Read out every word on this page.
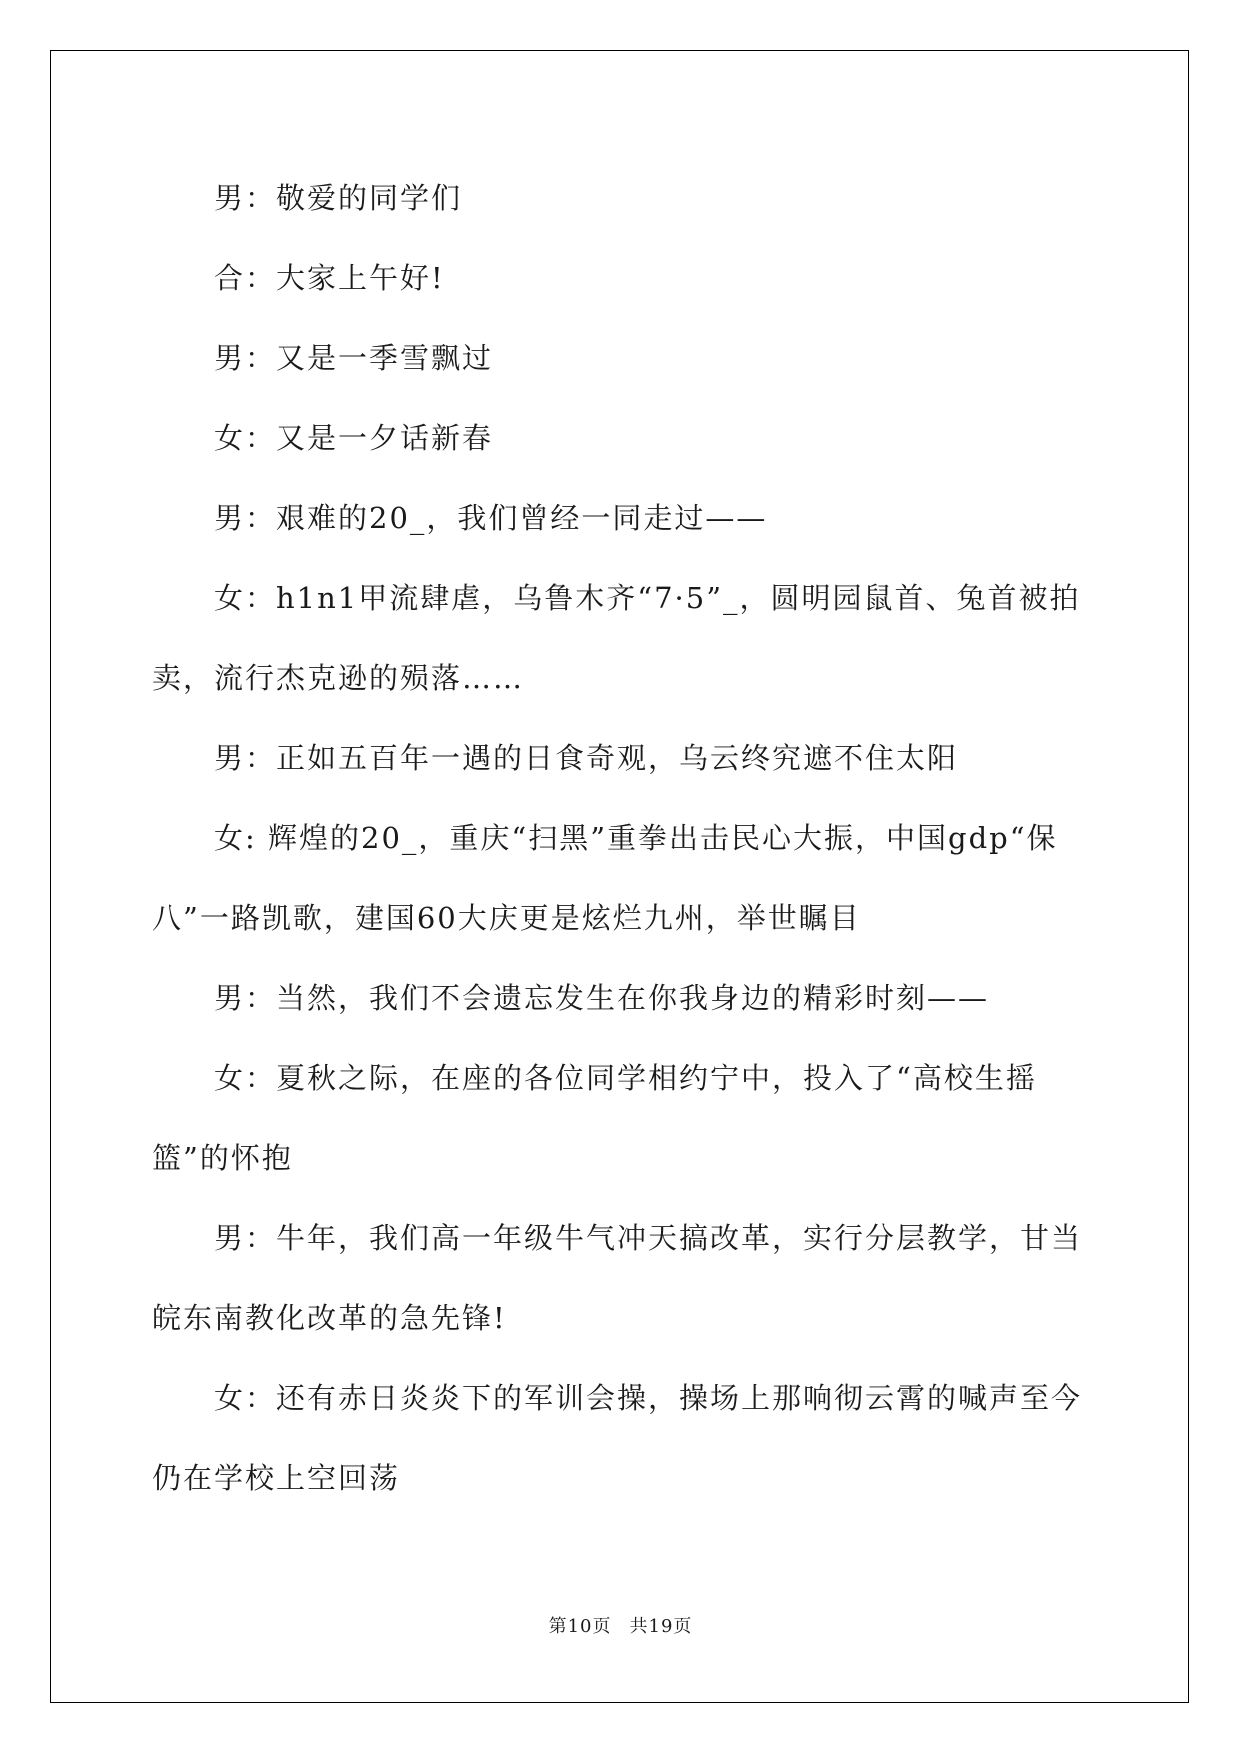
男：敬爱的同学们

合：大家上午好!

男：又是一季雪飘过

女：又是一夕话新春

男：艰难的20_，我们曾经一同走过——

女：h1n1甲流肆虐，乌鲁木齐“7·5”_，圆明园鼠首、兔首被拍卖，流行杰克逊的殒落……

男：正如五百年一遇的日食奇观，乌云终究遮不住太阳

女: 辉煌的20_，重庆“扫黑”重拳出击民心大振，中国gdp“保八”一路凯歌，建国60大庆更是炫烂九州，举世瞩目

男：当然，我们不会遗忘发生在你我身边的精彩时刻——

女：夏秋之际，在座的各位同学相约宁中，投入了“高校生摇篮”的怀抱

男：牛年，我们高一年级牛气冲天搞改革，实行分层教学，甘当皖东南教化改革的急先锋!

女：还有赤日炎炎下的军训会操，操场上那响彻云霄的喊声至今仍在学校上空回荡

第10页 共19页
